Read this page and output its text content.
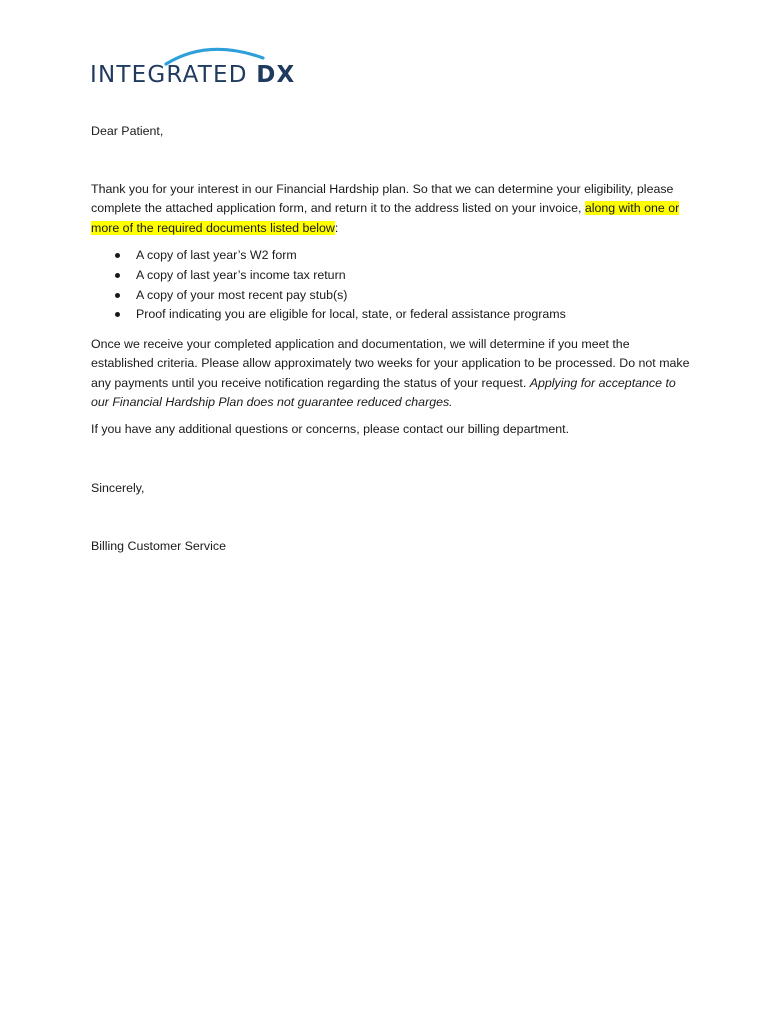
INTEGRATED DX
Dear Patient,
Thank you for your interest in our Financial Hardship plan. So that we can determine your eligibility, please complete the attached application form, and return it to the address listed on your invoice, along with one or more of the required documents listed below:
A copy of last year’s W2 form
A copy of last year’s income tax return
A copy of your most recent pay stub(s)
Proof indicating you are eligible for local, state, or federal assistance programs
Once we receive your completed application and documentation, we will determine if you meet the established criteria. Please allow approximately two weeks for your application to be processed. Do not make any payments until you receive notification regarding the status of your request. Applying for acceptance to our Financial Hardship Plan does not guarantee reduced charges.
If you have any additional questions or concerns, please contact our billing department.
Sincerely,
Billing Customer Service
